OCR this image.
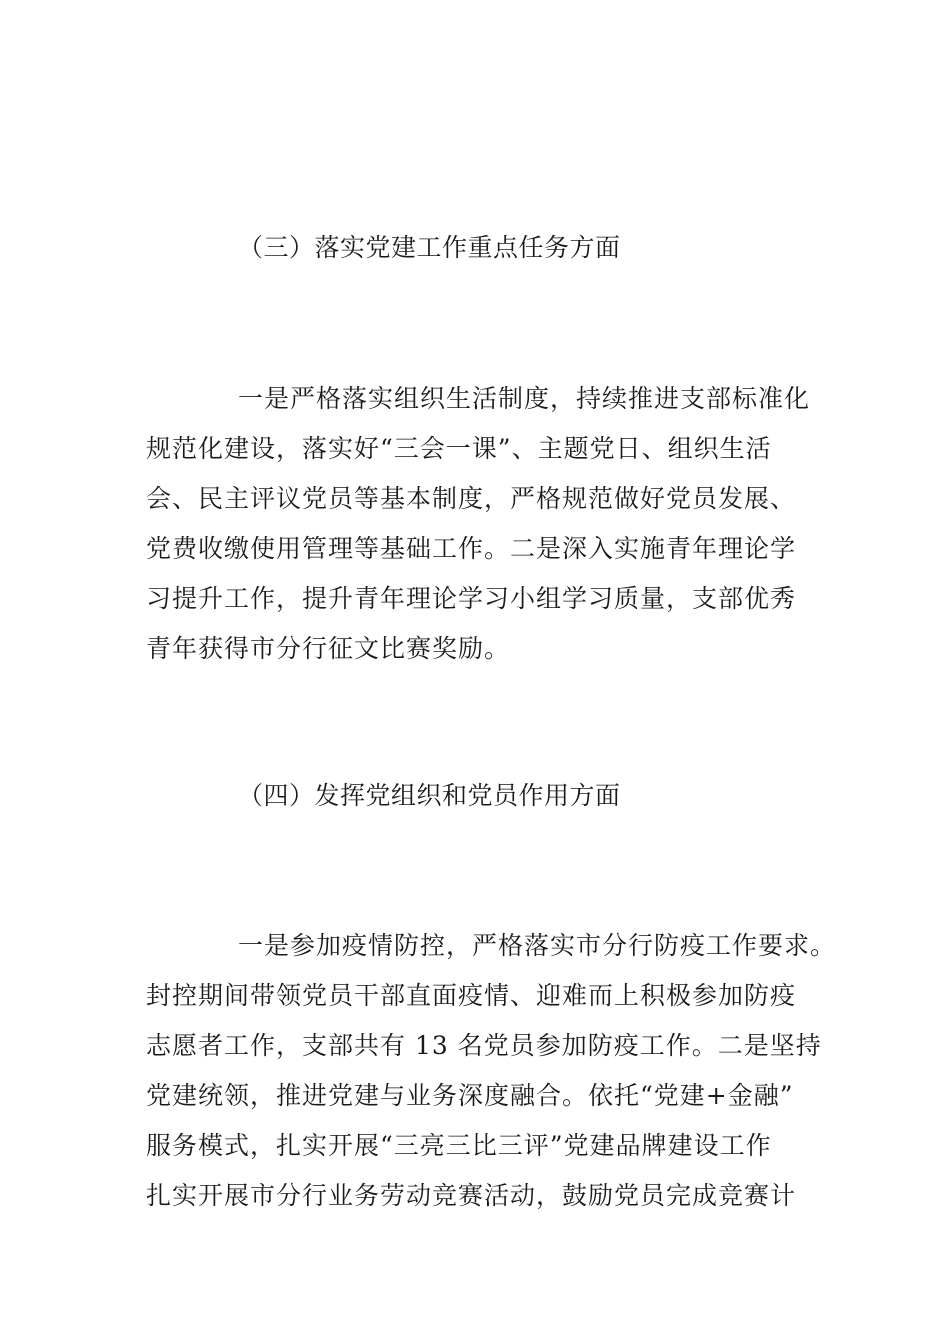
（三）落实党建工作重点任务方面
一是严格落实组织生活制度，持续推进支部标准化
规范化建设，落实好“三会一课”、主题党日、组织生活
会、民主评议党员等基本制度，严格规范做好党员发展、
党费收缴使用管理等基础工作。二是深入实施青年理论学
习提升工作，提升青年理论学习小组学习质量，支部优秀
青年获得市分行征文比赛奖励。
（四）发挥党组织和党员作用方面
一是参加疫情防控，严格落实市分行防疫工作要求。
封控期间带领党员干部直面疫情、迎难而上积极参加防疫
志愿者工作，支部共有 13 名党员参加防疫工作。二是坚持
党建统领，推进党建与业务深度融合。依托“党建+金融”
服务模式，扎实开展“三亮三比三评”党建品牌建设工作
扎实开展市分行业务劳动竞赛活动，鼓励党员完成竞赛计
